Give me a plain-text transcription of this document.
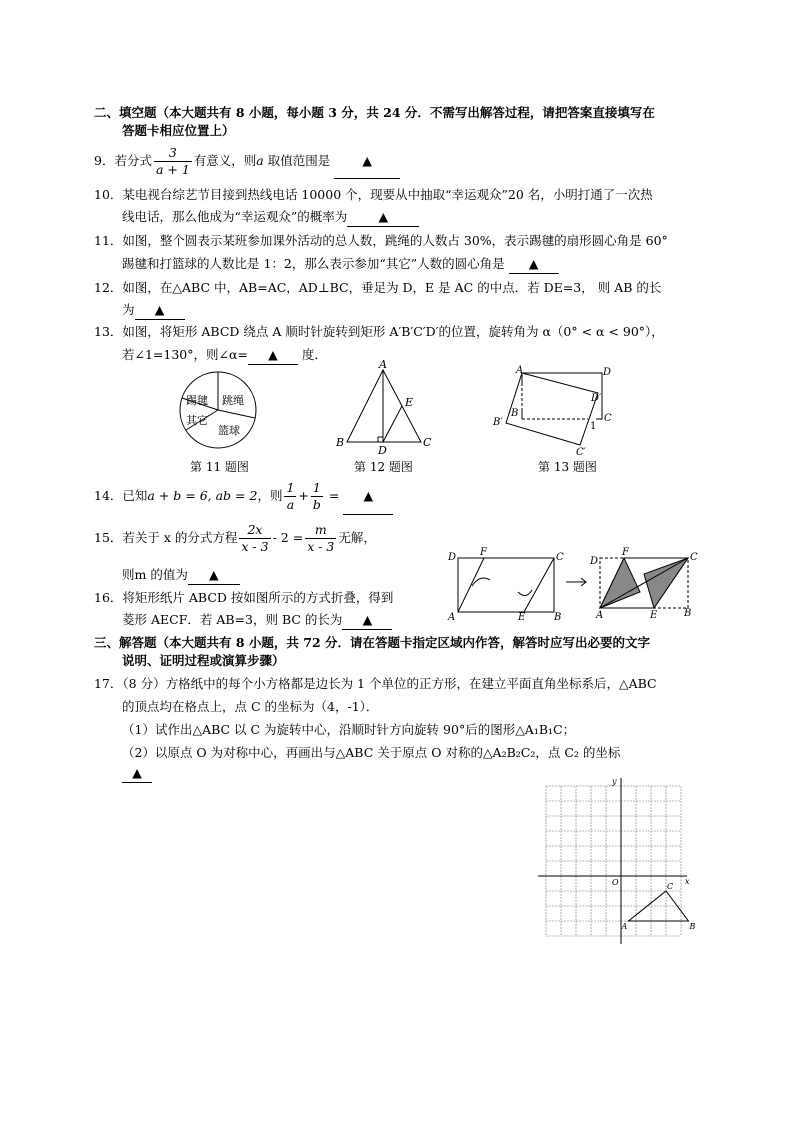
二、填空题（本大题共有 8 小题，每小题 3 分，共 24 分．不需写出解答过程，请把答案直接填写在
答题卡相应位置上）
9．若分式 $\frac{3}{a + 1}$ 有意义，则a 取值范围是	▲
10．某电视台综艺节目接到热线电话 10000 个，现要从中抽取“幸运观众”20 名，小明打通了一次热
线电话，那么他成为“幸运观众”的概率为 ▲
11．如图，整个圆表示某班参加课外活动的总人数，跳绳的人数占 30%，表示踢毽的扇形圆心角是 60°
踢毽和打篮球的人数比是 1：2，那么表示参加“其它”人数的圆心角是 ▲
12．如图，在△ABC 中，AB=AC，AD⊥BC，垂足为 D，E 是 AC 的中点．若 DE=3， 则 AB 的长
为 ▲
13．如图，将矩形 ABCD 绕点 A 顺时针旋转到矩形 A′B′C′D′的位置，旋转角为 α（0° < α < 90°），
若∠1=130°，则∠α= ▲ 度．
踢毽 跳绳
其它
篮球
第 11 题图
A
B	C
D
E
第 12 题图
A	D
B	C
B′
D′
C′
1
第 13 题图
14．已知a + b = 6, ab = 2，则 $\frac{1}{a} + \frac{1}{b}$ = ▲
15．若关于 x 的分式方程 $\frac{2x}{x - 3} - 2 = \frac{m}{x - 3}$ 无解，
则m 的值为 ▲
16．将矩形纸片 ABCD 按如图所示的方式折叠，得到
菱形 AECF．若 AB=3，则 BC 的长为 ▲
D F	C
A	E	B
D
F	C
A	E	B
三、解答题（本大题共有 8 小题，共 72 分．请在答题卡指定区域内作答，解答时应写出必要的文字
说明、证明过程或演算步骤）
17．（8 分）方格纸中的每个小方格都是边长为 1 个单位的正方形，在建立平面直角坐标系后，△ABC
的顶点均在格点上，点 C 的坐标为（4，-1）．
（1）试作出△ABC 以 C 为旋转中心，沿顺时针方向旋转 90°后的图形△A₁B₁C；
（2）以原点 O 为对称中心，再画出与△ABC 关于原点 O 对称的△A₂B₂C₂，点 C₂ 的坐标
▲
y
x
O	C
A	B
